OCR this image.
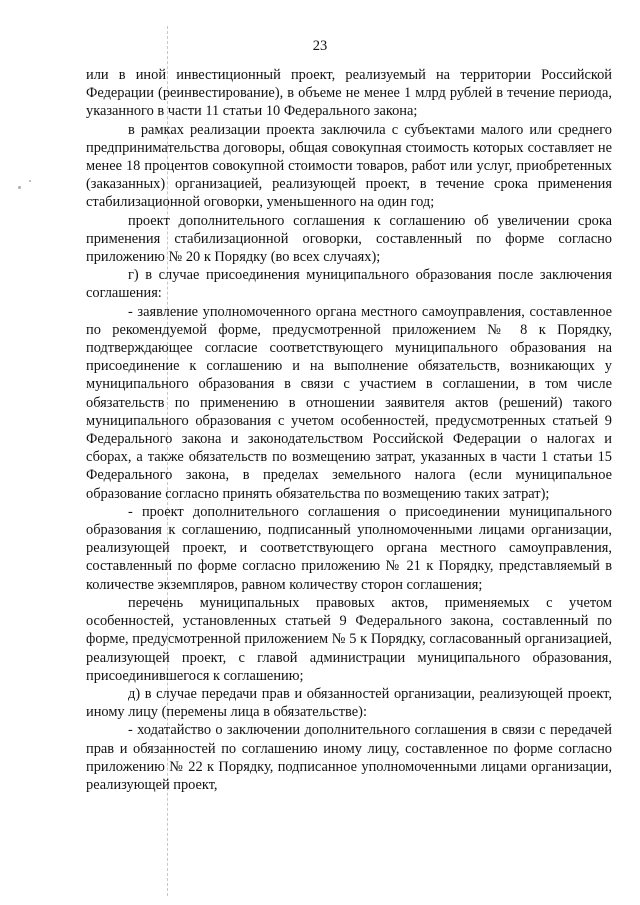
23

или в иной инвестиционный проект, реализуемый на территории Российской Федерации (реинвестирование), в объеме не менее 1 млрд рублей в течение периода, указанного в части 11 статьи 10 Федерального закона;

в рамках реализации проекта заключила с субъектами малого или среднего предпринимательства договоры, общая совокупная стоимость которых составляет не менее 18 процентов совокупной стоимости товаров, работ или услуг, приобретенных (заказанных) организацией, реализующей проект, в течение срока применения стабилизационной оговорки, уменьшенного на один год;

проект дополнительного соглашения к соглашению об увеличении срока применения стабилизационной оговорки, составленный по форме согласно приложению № 20 к Порядку (во всех случаях);

г) в случае присоединения муниципального образования после заключения соглашения:

- заявление уполномоченного органа местного самоуправления, составленное по рекомендуемой форме, предусмотренной приложением № 8 к Порядку, подтверждающее согласие соответствующего муниципального образования на присоединение к соглашению и на выполнение обязательств, возникающих у муниципального образования в связи с участием в соглашении, в том числе обязательств по применению в отношении заявителя актов (решений) такого муниципального образования с учетом особенностей, предусмотренных статьей 9 Федерального закона и законодательством Российской Федерации о налогах и сборах, а также обязательств по возмещению затрат, указанных в части 1 статьи 15 Федерального закона, в пределах земельного налога (если муниципальное образование согласно принять обязательства по возмещению таких затрат);

- проект дополнительного соглашения о присоединении муниципального образования к соглашению, подписанный уполномоченными лицами организации, реализующей проект, и соответствующего органа местного самоуправления, составленный по форме согласно приложению № 21 к Порядку, представляемый в количестве экземпляров, равном количеству сторон соглашения;

перечень муниципальных правовых актов, применяемых с учетом особенностей, установленных статьей 9 Федерального закона, составленный по форме, предусмотренной приложением № 5 к Порядку, согласованный организацией, реализующей проект, с главой администрации муниципального образования, присоединившегося к соглашению;

д) в случае передачи прав и обязанностей организации, реализующей проект, иному лицу (перемены лица в обязательстве):

- ходатайство о заключении дополнительного соглашения в связи с передачей прав и обязанностей по соглашению иному лицу, составленное по форме согласно приложению № 22 к Порядку, подписанное уполномоченными лицами организации, реализующей проект,
